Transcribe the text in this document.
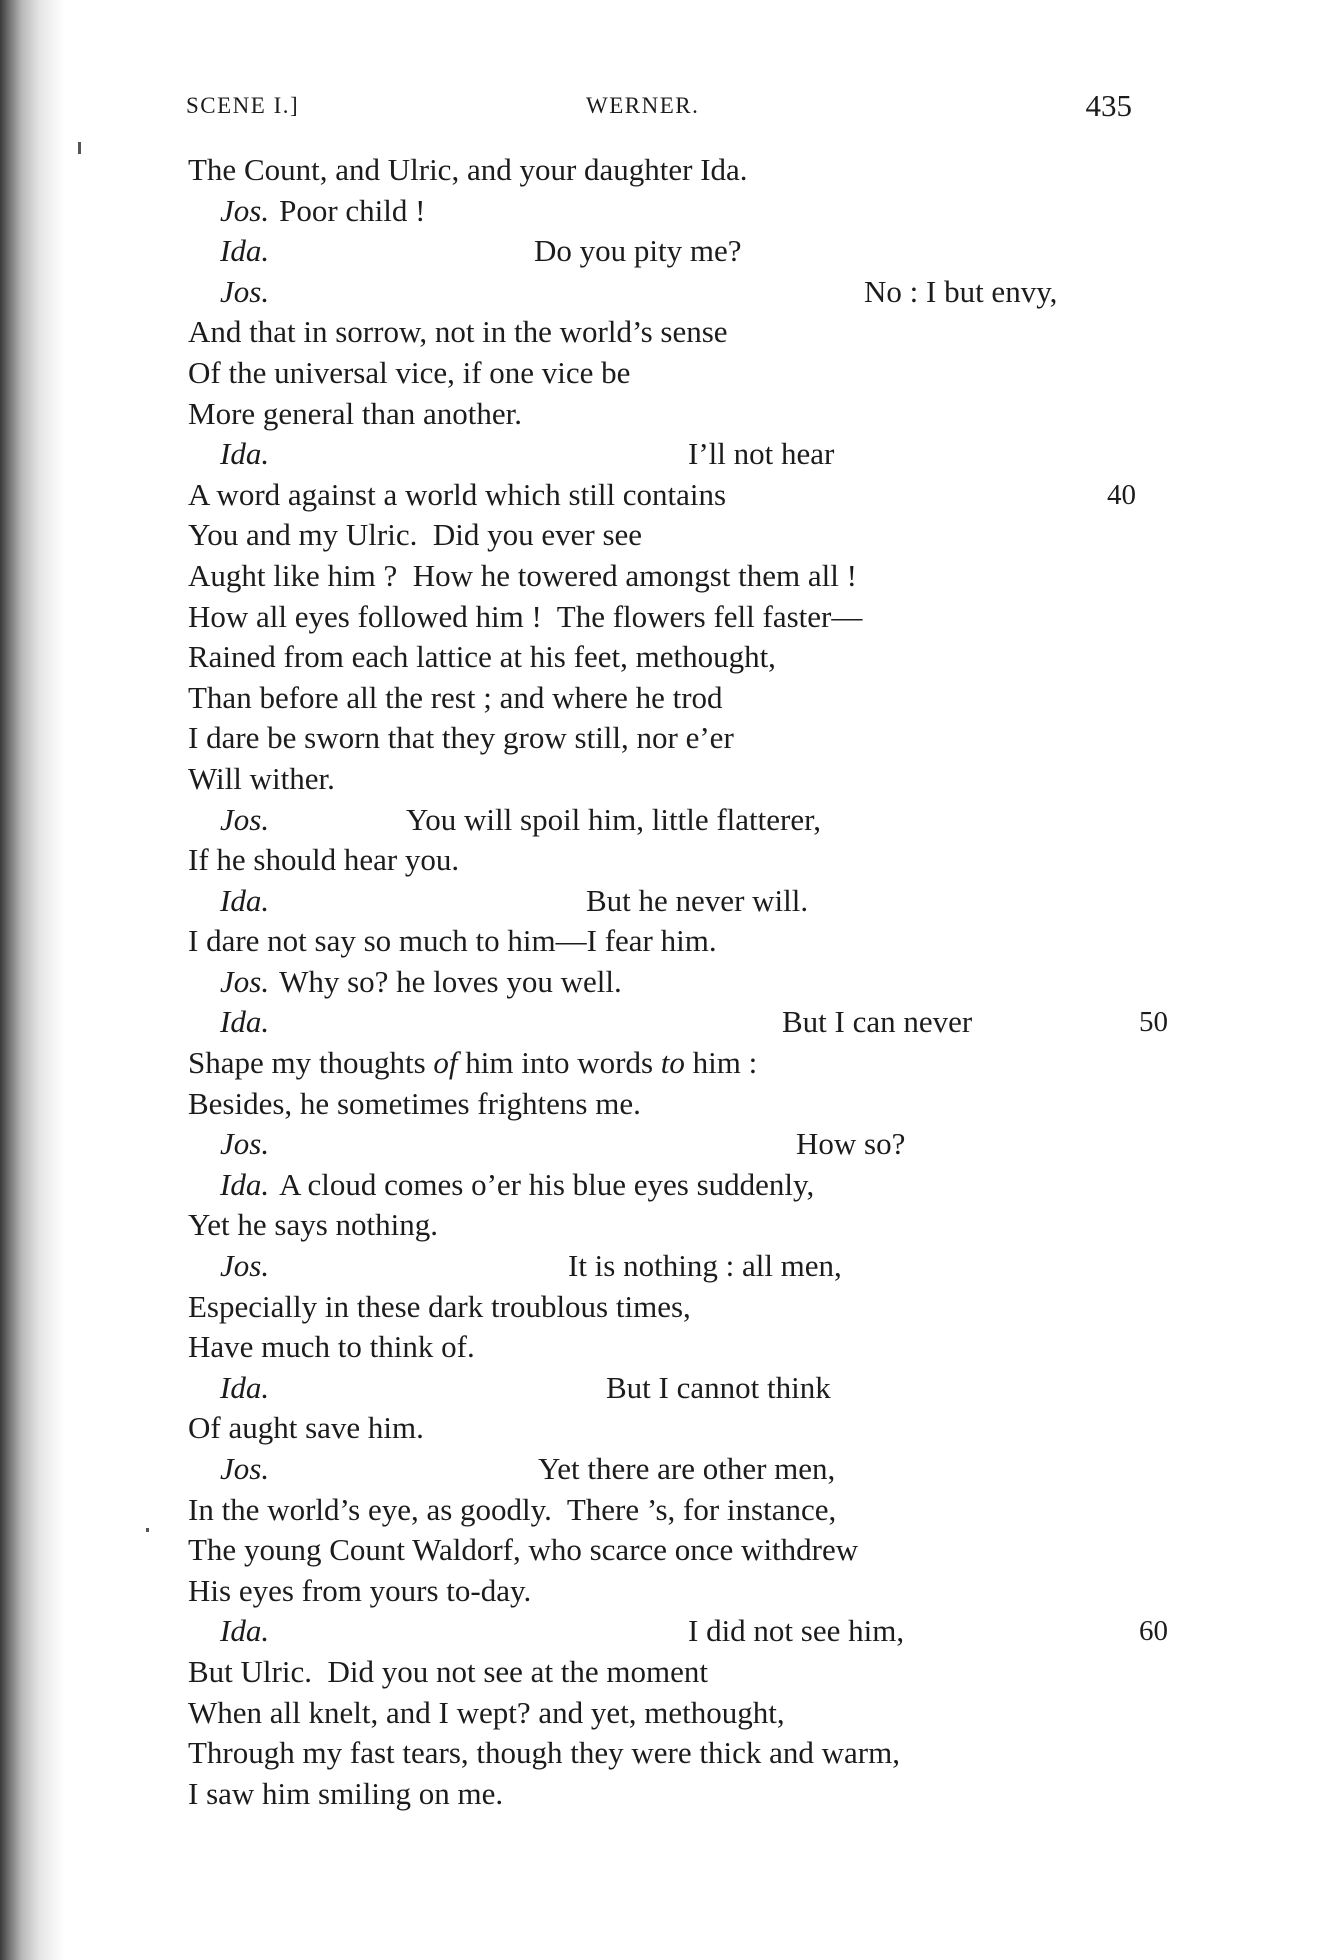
SCENE I.]	WERNER.	435
The Count, and Ulric, and your daughter Ida.
Jos. Poor child !
Ida.	Do you pity me?
Jos.	No : I but envy,
And that in sorrow, not in the world’s sense
Of the universal vice, if one vice be
More general than another.
Ida.	I’ll not hear
A word against a world which still contains	40
You and my Ulric.  Did you ever see
Aught like him ?  How he towered amongst them all !
How all eyes followed him !  The flowers fell faster—
Rained from each lattice at his feet, methought,
Than before all the rest ; and where he trod
I dare be sworn that they grow still, nor e’er
Will wither.
Jos.	You will spoil him, little flatterer,
If he should hear you.
Ida.	But he never will.
I dare not say so much to him—I fear him.
Jos. Why so? he loves you well.
Ida.	But I can never	50
Shape my thoughts of him into words to him :
Besides, he sometimes frightens me.
Jos.	How so?
Ida. A cloud comes o’er his blue eyes suddenly,
Yet he says nothing.
Jos.	It is nothing : all men,
Especially in these dark troublous times,
Have much to think of.
Ida.	But I cannot think
Of aught save him.
Jos.	Yet there are other men,
In the world’s eye, as goodly.  There ’s, for instance,
The young Count Waldorf, who scarce once withdrew
His eyes from yours to-day.
Ida.	I did not see him,	60
But Ulric.  Did you not see at the moment
When all knelt, and I wept? and yet, methought,
Through my fast tears, though they were thick and warm,
I saw him smiling on me.
